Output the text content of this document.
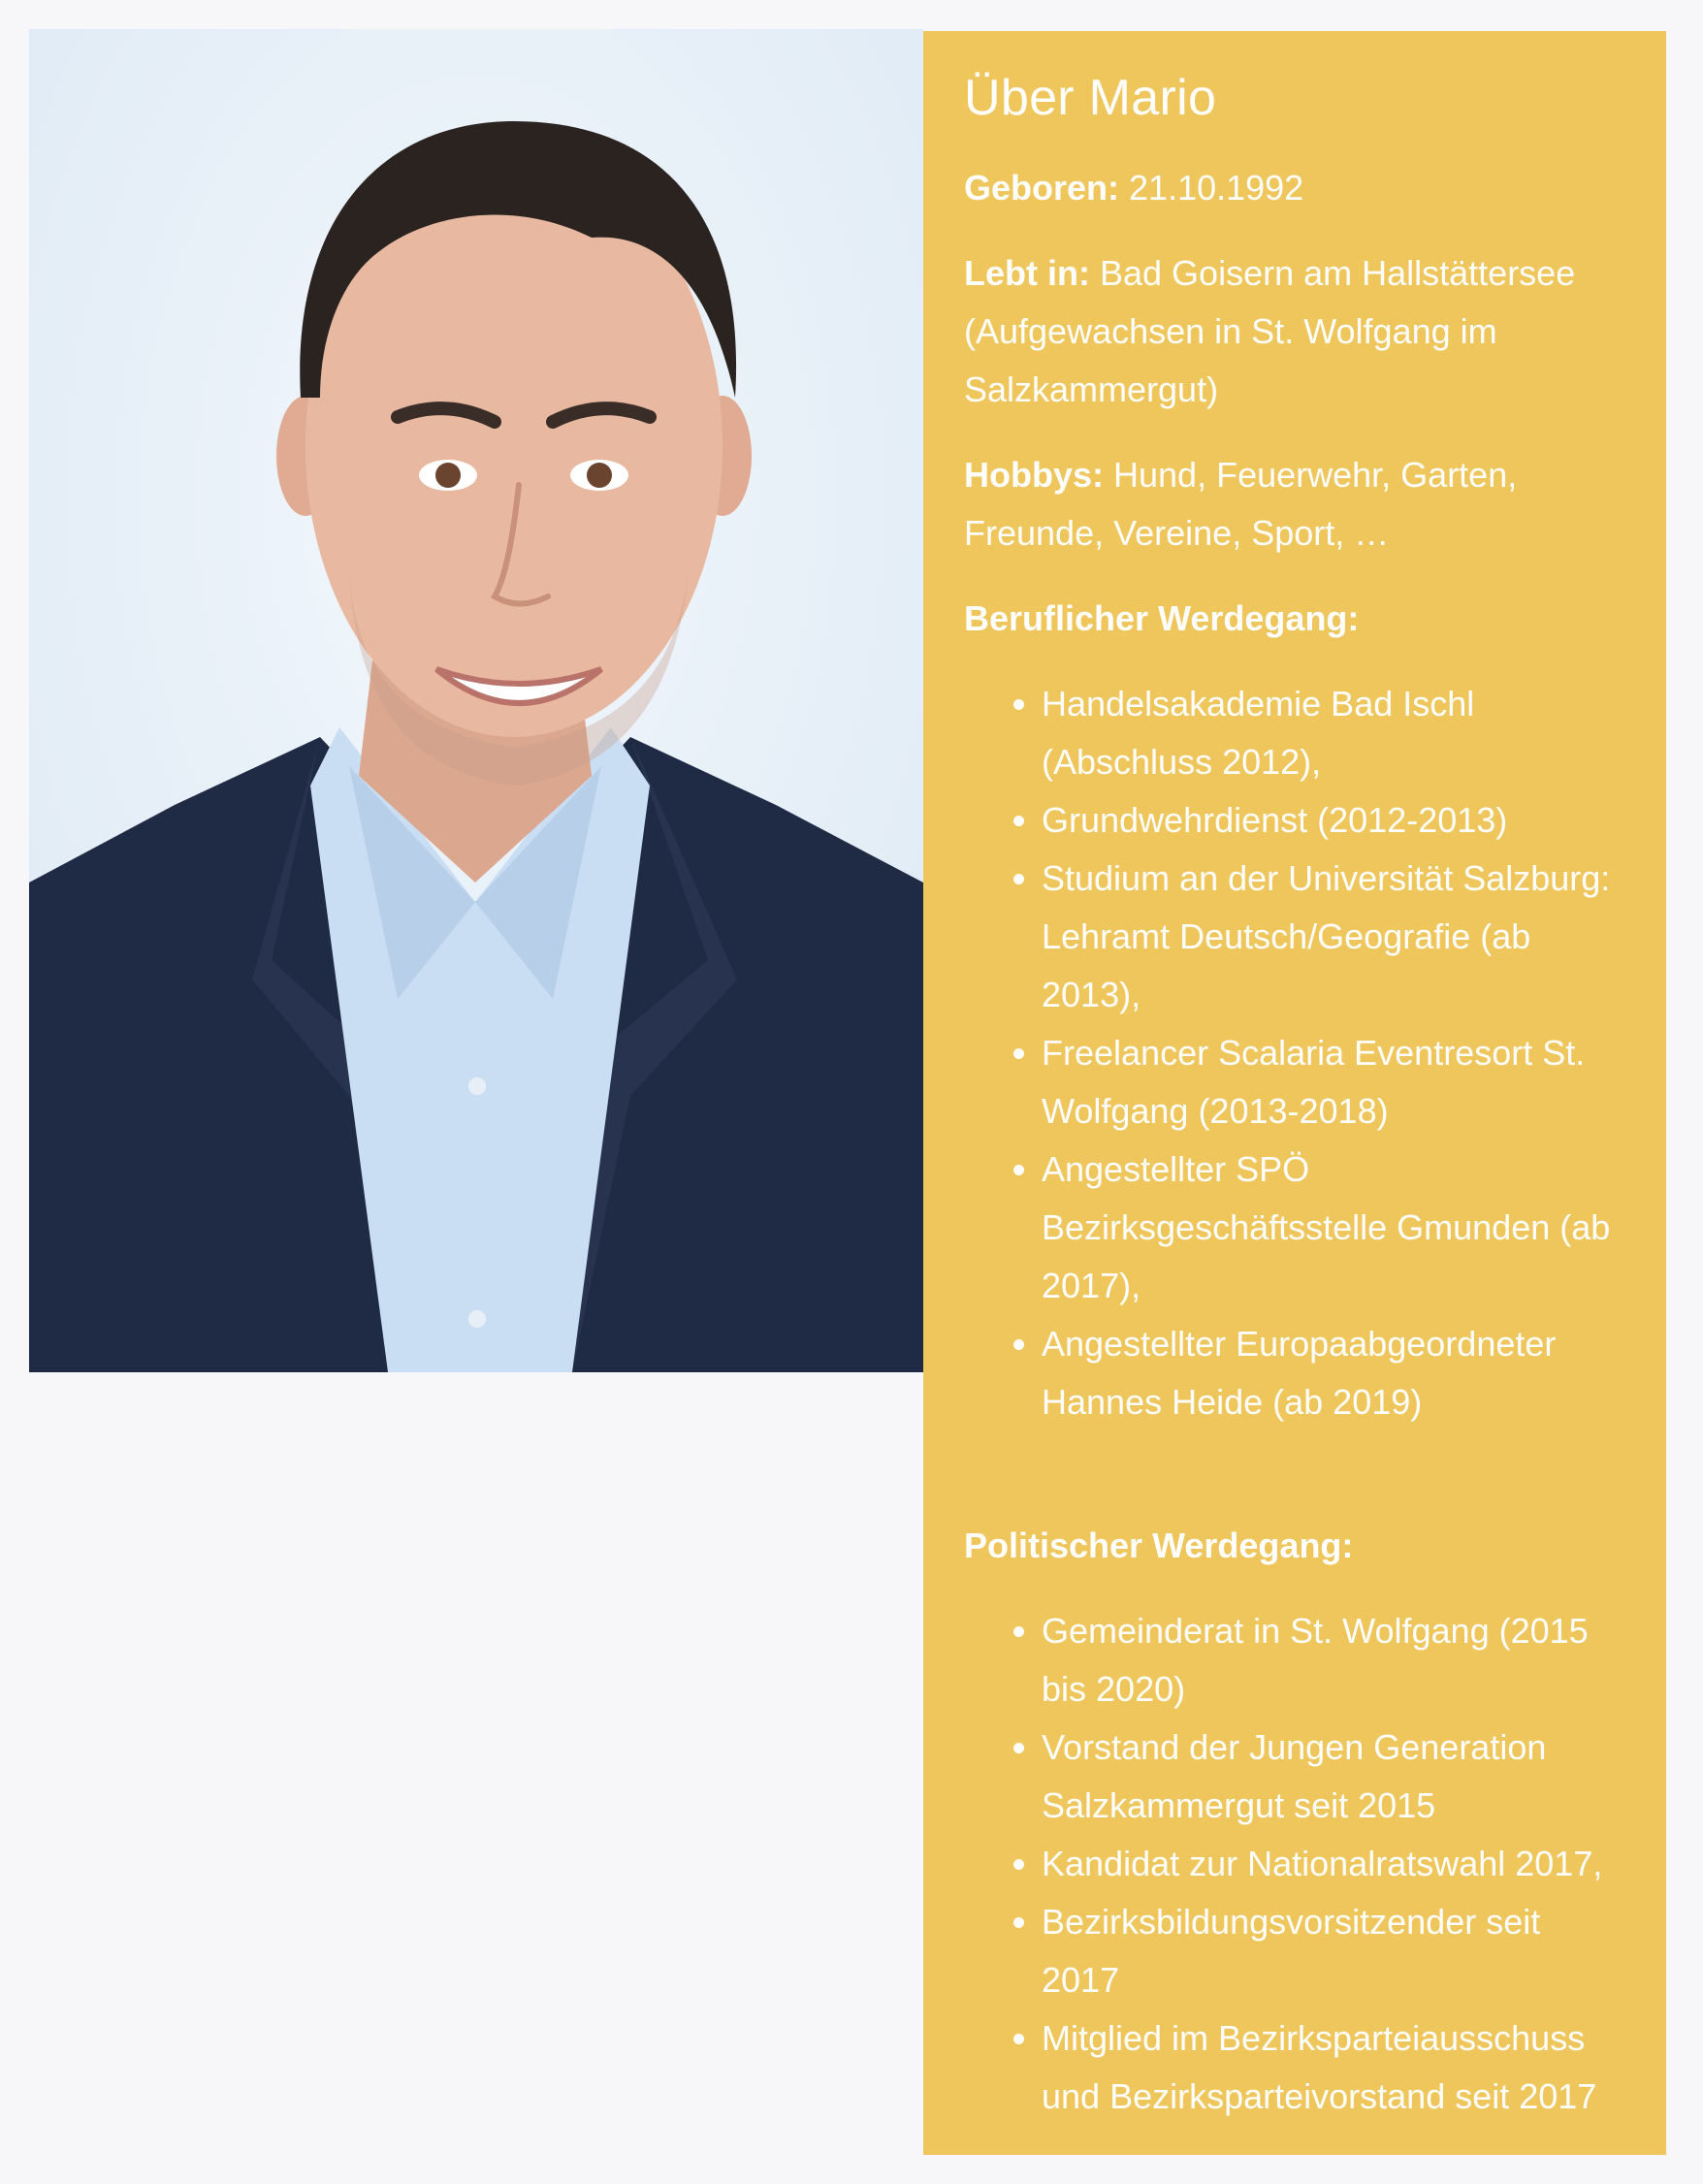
Über Mario

Geboren: 21.10.1992

Lebt in: Bad Goisern am Hallstättersee (Aufgewachsen in St. Wolfgang im Salzkammergut)

Hobbys: Hund, Feuerwehr, Garten, Freunde, Vereine, Sport, …

Beruflicher Werdegang:
• Handelsakademie Bad Ischl (Abschluss 2012),
• Grundwehrdienst (2012-2013)
• Studium an der Universität Salzburg: Lehramt Deutsch/Geografie (ab 2013),
• Freelancer Scalaria Eventresort St. Wolfgang (2013-2018)
• Angestellter SPÖ Bezirksgeschäftsstelle Gmunden (ab 2017),
• Angestellter Europaabgeordneter Hannes Heide (ab 2019)
Politischer Werdegang:
• Gemeinderat in St. Wolfgang (2015 bis 2020)
• Vorstand der Jungen Generation Salzkammergut seit 2015
• Kandidat zur Nationalratswahl 2017,
• Bezirksbildungsvorsitzender seit 2017
• Mitglied im Bezirksparteiausschuss und Bezirksparteivorstand seit 2017
